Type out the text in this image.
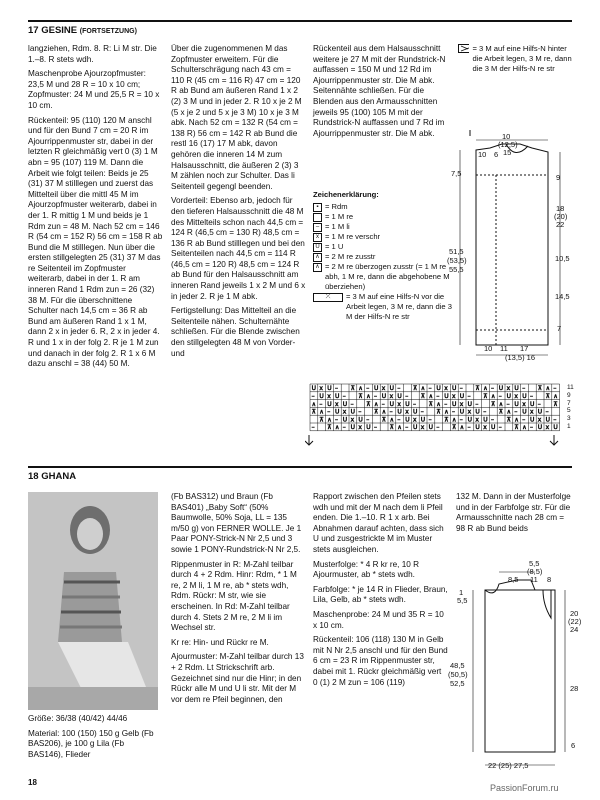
17 GESINE (FORTSETZUNG)

langziehen, Rdm. 8. R: Li M str. Die 1.–8. R stets wdh.

Maschenprobe Ajourzopfmuster: 23,5 M und 28 R = 10 x 10 cm; Zopfmuster: 24 M und 25,5 R = 10 x 10 cm.

Rückenteil: 95 (110) 120 M anschl und für den Bund 7 cm = 20 R im Ajourrippenmuster str, dabei in der letzten R gleichmäßig vert 0 (3) 1 M abn = 95 (107) 119 M. Dann die Arbeit wie folgt teilen: Beids je 25 (31) 37 M stilllegen und zuerst das Mittelteil über die mittl 45 M im Ajourzopfmuster weiterarb, dabei in der 1. R mittig 1 M und beids je 1 Rdm zun = 48 M. Nach 52 cm = 146 R (54 cm = 152 R) 56 cm = 158 R ab Bund die M stilllegen. Nun über die ersten stillgelegten 25 (31) 37 M das re Seitenteil im Zopfmuster weiterarb, dabei in der 1. R am inneren Rand 1 Rdm zun = 26 (32) 38 M. Für die überschnittene Schulter nach 14,5 cm = 36 R ab Bund am äußeren Rand 1 x 1 M, dann 2 x in jeder 6. R, 2 x in jeder 4. R und 1 x in der folg 2. R je 1 M zun und danach in der folg 2. R 1 x 6 M dazu anschl = 38 (44) 50 M.

Über die zugenommenen M das Zopfmuster erweitern. Für die Schulterschrägung nach 43 cm = 110 R (45 cm = 116 R) 47 cm = 120 R ab Bund am äußeren Rand 1 x 2 (2) 3 M und in jeder 2. R 10 x je 2 M (5 x je 2 und 5 x je 3 M) 10 x je 3 M abk. Nach 52 cm = 132 R (54 cm = 138 R) 56 cm = 142 R ab Bund die restl 16 (17) 17 M abk, davon gehören die inneren 14 M zum Halsausschnitt, die äußeren 2 (3) 3 M zählen noch zur Schulter. Das li Seitenteil gegengl beenden.

Vorderteil: Ebenso arb, jedoch für den tieferen Halsausschnitt die 48 M des Mittelteils schon nach 44,5 cm = 124 R (46,5 cm = 130 R) 48,5 cm = 136 R ab Bund stilllegen und bei den Seitenteilen nach 44,5 cm = 114 R (46,5 cm = 120 R) 48,5 cm = 124 R ab Bund für den Halsausschnitt am inneren Rand jeweils 1 x 2 M und 6 x in jeder 2. R je 1 M abk.

Fertigstellung: Das Mittelteil an die Seitenteile nähen. Schulternähte schließen. Für die Blende zwischen den stillgelegten 48 M von Vorder- und

Rückenteil aus dem Halsausschnitt weitere je 27 M mit der Rundstrick-N auffassen = 150 M und 12 Rd im Ajourrippenmuster str. Die M abk. Seitennähte schließen. Für die Blenden aus den Armausschnitten jeweils 95 (100) 105 M mit der Rundstrick-N auffassen und 7 Rd im Ajourrippenmuster str. Die M abk.

Zeichenerklärung:
▪ = Rdm
= 1 M re
– = 1 M li
x = 1 M re verschr
U = 1 U
∧ = 2 M re zusstr
⊼ = 2 M re überzogen zusstr (= 1 M re abh, 1 M re, dann die abgehobene M überziehen)
⤫	= 3 M auf eine Hilfs-N vor die Arbeit legen, 3 M re, dann die 3 M der Hilfs-N re str
= 3 M auf eine Hilfs-N hinter die Arbeit legen, 3 M re, dann die 3 M der Hilfs-N re str
10
(12,5)
15
10 6
7,5
51,5
(53,5)
55,5
9
18
(20)
22
10,5
14,5
7
10 11 17
(13,5) 16
U x U – ⊼ ∧ – U x U – ⊼ ∧ – U x U – ⊼ ∧ – U x U – ⊼ ∧ –
– U x U – ⊼ ∧ – U x U – ⊼ ∧ – U x U – ⊼ ∧ – U x U – ⊼ ∧
∧ – U x U – ⊼ ∧ – U x U – ⊼ ∧ – U x U – ⊼ ∧ – U x U – ⊼
⊼ ∧ – U x U – ⊼ ∧ – U x U – ⊼ ∧ – U x U – ⊼ ∧ – U x U –
⊼ ∧ – U x U – ⊼ ∧ – U x U – ⊼ ∧ – U x U – ⊼ ∧ – U x U –
– ⊼ ∧ – U x U – ⊼ ∧ – U x U – ⊼ ∧ – U x U – ⊼ ∧ – U x U
11
9
7
5
3
1
18 GHANA

Größe: 36/38 (40/42) 44/46

Material: 100 (150) 150 g Gelb (Fb BAS206), je 100 g Lila (Fb BAS146), Flieder

(Fb BAS312) und Braun (Fb BAS401) „Baby Soft“ (50% Baumwolle, 50% Soja, LL = 135 m/50 g) von FERNER WOLLE. Je 1 Paar PONY-Strick-N Nr 2,5 und 3 sowie 1 PONY-Rundstrick-N Nr 2,5.

Rippenmuster in R: M-Zahl teilbar durch 4 + 2 Rdm. Hinr: Rdm, * 1 M re, 2 M li, 1 M re, ab * stets wdh, Rdm. Rückr: M str, wie sie erscheinen. In Rd: M-Zahl teilbar durch 4. Stets 2 M re, 2 M li im Wechsel str.

Kr re: Hin- und Rückr re M.

Ajourmuster: M-Zahl teilbar durch 13 + 2 Rdm. Lt Strickschrift arb. Gezeichnet sind nur die Hinr; in den Rückr alle M und U li str. Mit der M vor dem re Pfeil beginnen, den

Rapport zwischen den Pfeilen stets wdh und mit der M nach dem li Pfeil enden. Die 1.–10. R 1 x arb. Bei Abnahmen darauf achten, dass sich U und zusgestrickte M im Muster stets ausgleichen.

Musterfolge: * 4 R kr re, 10 R Ajourmuster, ab * stets wdh.

Farbfolge: * je 14 R in Flieder, Braun, Lila, Gelb, ab * stets wdh.

Maschenprobe: 24 M und 35 R = 10 x 10 cm.

Rückenteil: 106 (118) 130 M in Gelb mit N Nr 2,5 anschl und für den Bund 6 cm = 23 R im Rippenmuster str, dabei mit 1. Rückr gleichmäßig vert 0 (1) 2 M zun = 106 (119)

132 M. Dann in der Musterfolge und in der Farbfolge str. Für die Armausschnitte nach 28 cm = 98 R ab Bund beids

5,5
(8,5)
11 8
8,5
1
5,5
48,5
(50,5)
52,5
20
(22)
24
28
6
22 (25) 27,5
18
PassionForum.ru
